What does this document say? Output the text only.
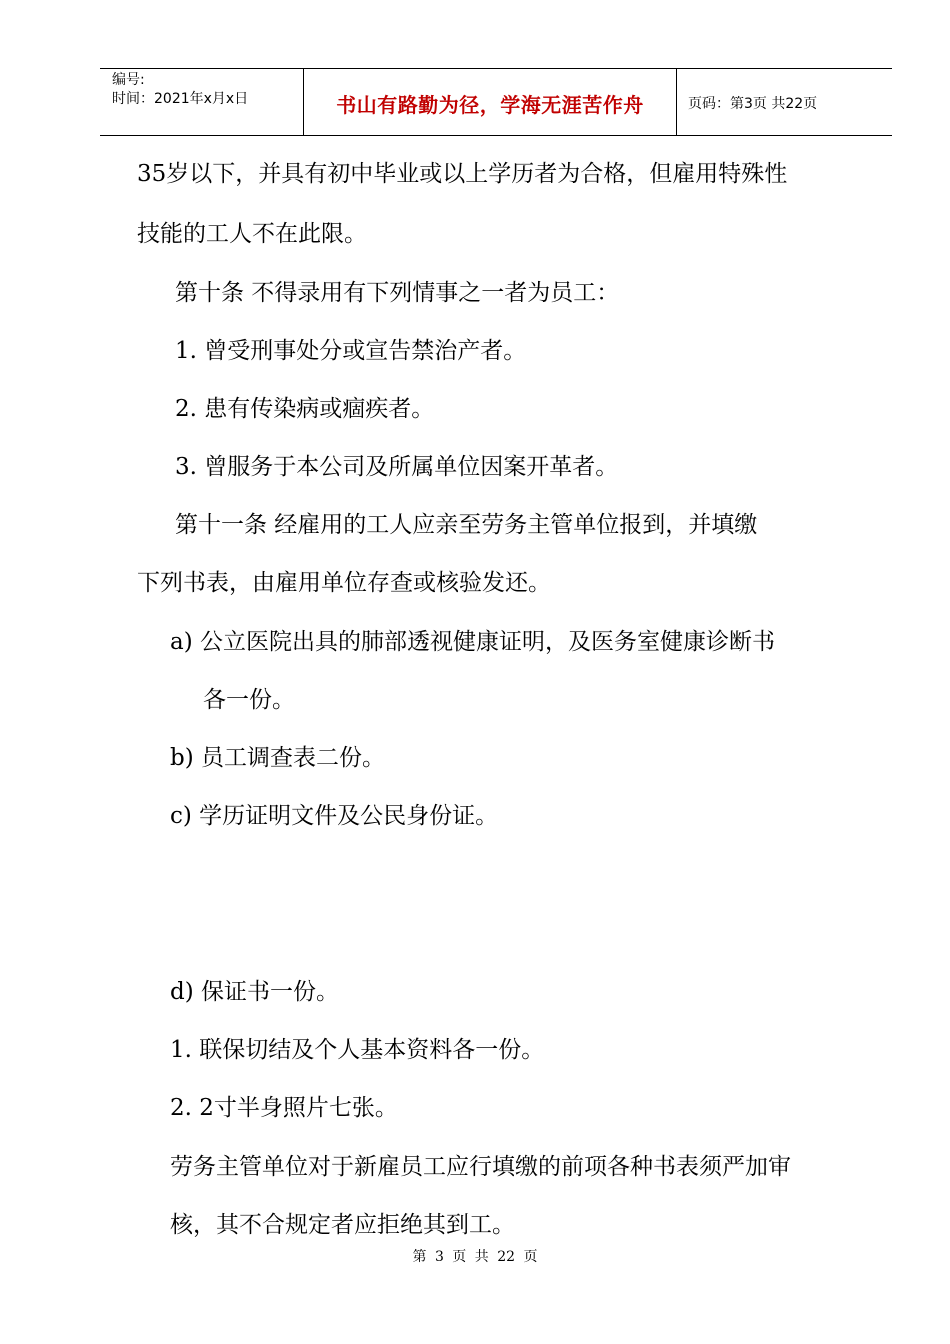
编号:
时间：2021年x月x日	书山有路勤为径，学海无涯苦作舟	页码：第3页 共22页
35岁以下，并具有初中毕业或以上学历者为合格，但雇用特殊性
技能的工人不在此限。
第十条 不得录用有下列情事之一者为员工：
1. 曾受刑事处分或宣告禁治产者。
2. 患有传染病或痼疾者。
3. 曾服务于本公司及所属单位因案开革者。
第十一条 经雇用的工人应亲至劳务主管单位报到，并填缴
下列书表，由雇用单位存查或核验发还。
a) 公立医院出具的肺部透视健康证明，及医务室健康诊断书
各一份。
b) 员工调查表二份。
c) 学历证明文件及公民身份证。
d) 保证书一份。
1. 联保切结及个人基本资料各一份。
2. 2寸半身照片七张。
劳务主管单位对于新雇员工应行填缴的前项各种书表须严加审
核，其不合规定者应拒绝其到工。
第 3 页 共 22 页
